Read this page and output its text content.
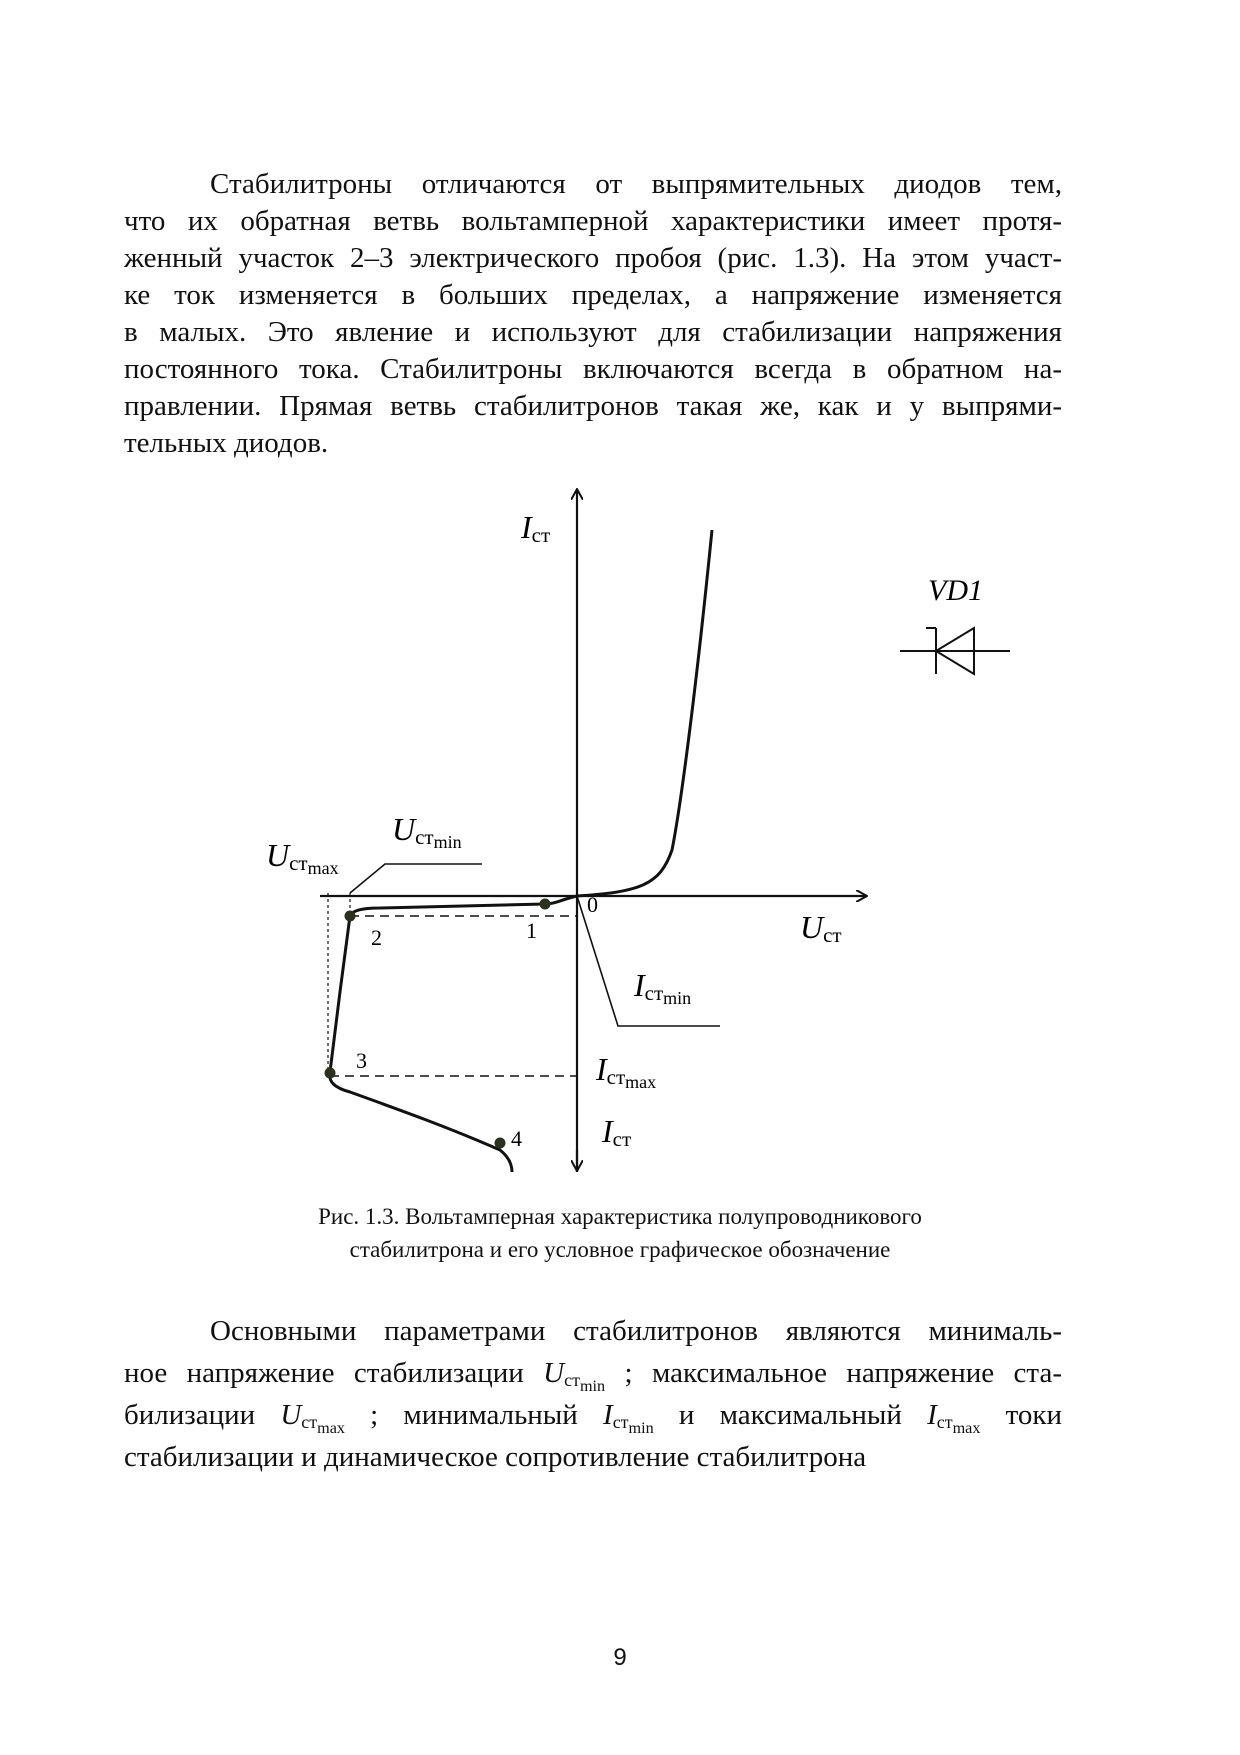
Стабилитроны отличаются от выпрямительных диодов тем,
что их обратная ветвь вольтамперной характеристики имеет протя-
женный участок 2–3 электрического пробоя (рис. 1.3). На этом участ-
ке ток изменяется в больших пределах, а напряжение изменяется
в малых. Это явление и используют для стабилизации напряжения
постоянного тока. Стабилитроны включаются всегда в обратном на-
правлении. Прямая ветвь стабилитронов такая же, как и у выпрями-
тельных диодов.
1
2
3
4
0
Iст
Uст
Uстmin
Uстmax
Iстmin
Iстmax
Iст
VD1
Рис. 1.3. Вольтамперная характеристика полупроводникового
стабилитрона и его условное графическое обозначение
Основными параметрами стабилитронов являются минималь-
ное напряжение стабилизации $U_{ст_{min}}$ ; максимальное напряжение ста-
билизации $U_{ст_{max}}$ ; минимальный $I_{ст_{min}}$ и максимальный $I_{ст_{max}}$ токи
стабилизации и динамическое сопротивление стабилитрона
9
